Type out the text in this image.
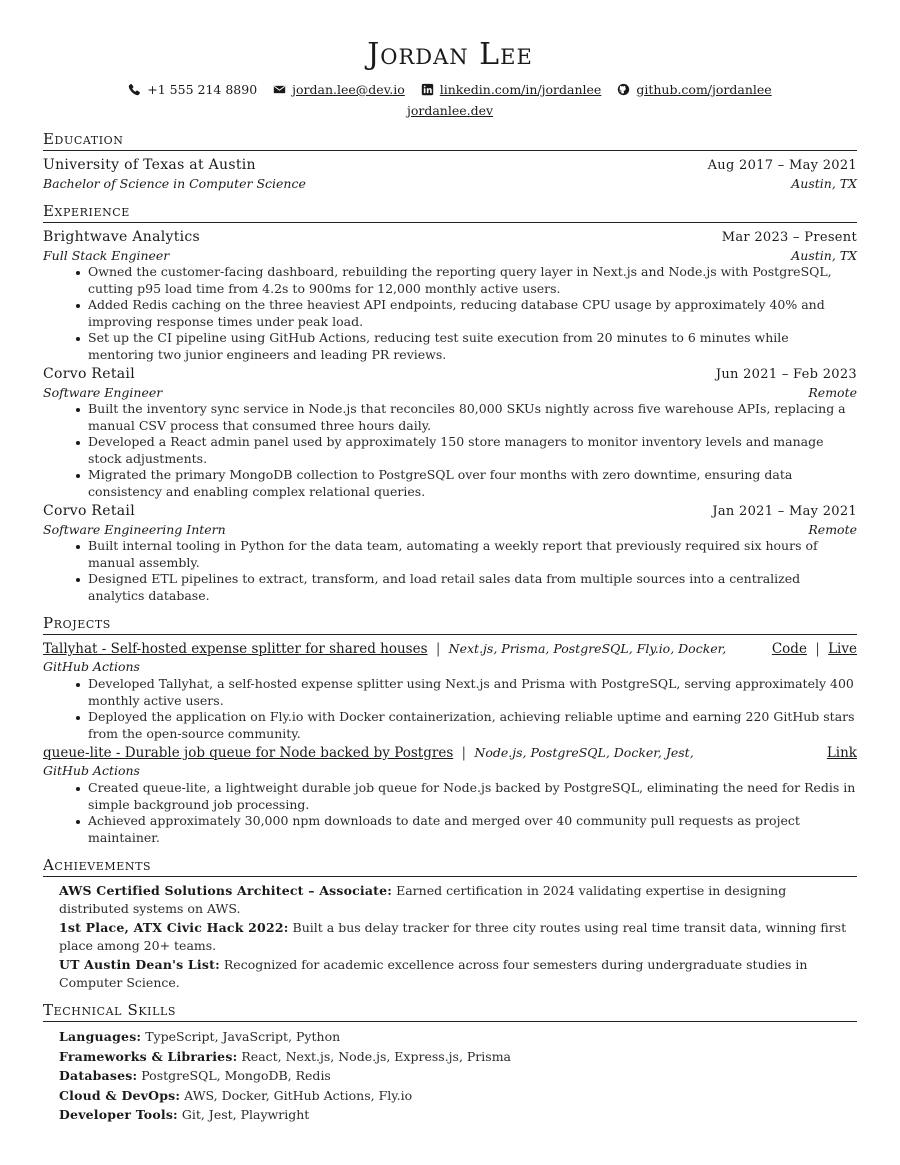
Jordan Lee
+1 555 214 8890
	jordan.lee@dev.io
	linkedin.com/in/jordanlee
	github.com/jordanlee
jordanlee.dev
Education
University of Texas at Austin	Aug 2017 – May 2021
Bachelor of Science in Computer Science	Austin, TX
Experience
Brightwave Analytics	Mar 2023 – Present
Full Stack Engineer	Austin, TX
Owned the customer-facing dashboard, rebuilding the reporting query layer in Next.js and Node.js with PostgreSQL, cutting p95 load time from 4.2s to 900ms for 12,000 monthly active users.
Added Redis caching on the three heaviest API endpoints, reducing database CPU usage by approximately 40% and improving response times under peak load.
Set up the CI pipeline using GitHub Actions, reducing test suite execution from 20 minutes to 6 minutes while mentoring two junior engineers and leading PR reviews.
Corvo Retail	Jun 2021 – Feb 2023
Software Engineer	Remote
Built the inventory sync service in Node.js that reconciles 80,000 SKUs nightly across five warehouse APIs, replacing a manual CSV process that consumed three hours daily.
Developed a React admin panel used by approximately 150 store managers to monitor inventory levels and manage stock adjustments.
Migrated the primary MongoDB collection to PostgreSQL over four months with zero downtime, ensuring data consistency and enabling complex relational queries.
Corvo Retail	Jan 2021 – May 2021
Software Engineering Intern	Remote
Built internal tooling in Python for the data team, automating a weekly report that previously required six hours of manual assembly.
Designed ETL pipelines to extract, transform, and load retail sales data from multiple sources into a centralized analytics database.
Projects
Tallyhat - Self-hosted expense splitter for shared houses | Next.js, Prisma, PostgreSQL, Fly.io, Docker, GitHub Actions
Code | Live
Developed Tallyhat, a self-hosted expense splitter using Next.js and Prisma with PostgreSQL, serving approximately 400 monthly active users.
Deployed the application on Fly.io with Docker containerization, achieving reliable uptime and earning 220 GitHub stars from the open-source community.
queue-lite - Durable job queue for Node backed by Postgres | Node.js, PostgreSQL, Docker, Jest, GitHub Actions
Link
Created queue-lite, a lightweight durable job queue for Node.js backed by PostgreSQL, eliminating the need for Redis in simple background job processing.
Achieved approximately 30,000 npm downloads to date and merged over 40 community pull requests as project maintainer.
Achievements
AWS Certified Solutions Architect – Associate: Earned certification in 2024 validating expertise in designing distributed systems on AWS.
1st Place, ATX Civic Hack 2022: Built a bus delay tracker for three city routes using real time transit data, winning first place among 20+ teams.
UT Austin Dean's List: Recognized for academic excellence across four semesters during undergraduate studies in Computer Science.
Technical Skills
Languages: TypeScript, JavaScript, Python
Frameworks & Libraries: React, Next.js, Node.js, Express.js, Prisma
Databases: PostgreSQL, MongoDB, Redis
Cloud & DevOps: AWS, Docker, GitHub Actions, Fly.io
Developer Tools: Git, Jest, Playwright
